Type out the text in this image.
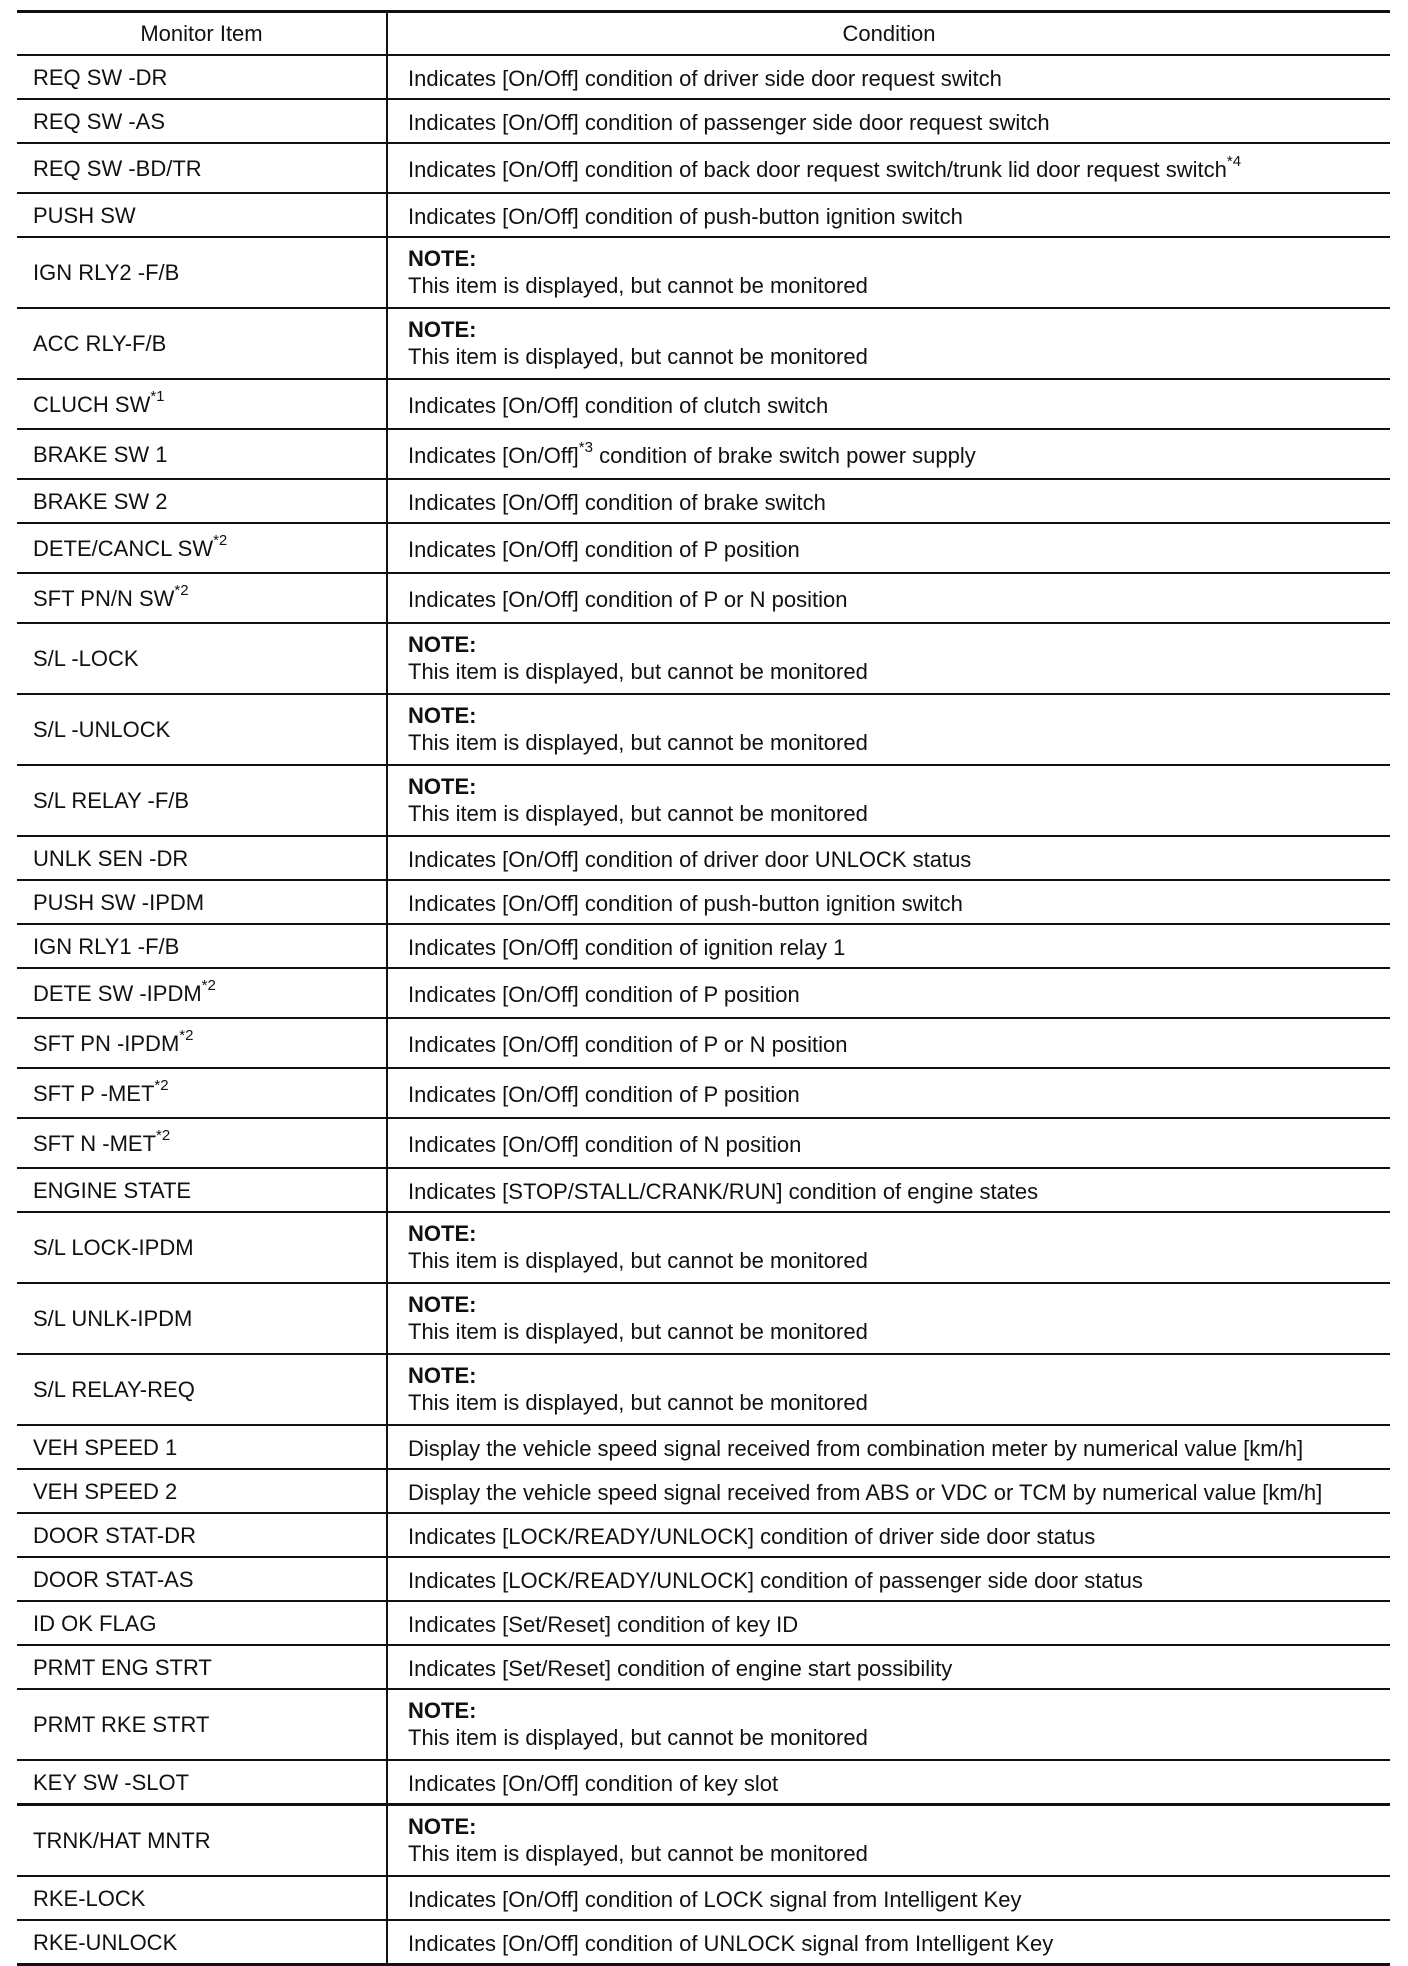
Monitor Item	Condition
REQ SW -DR	Indicates [On/Off] condition of driver side door request switch
REQ SW -AS	Indicates [On/Off] condition of passenger side door request switch
REQ SW -BD/TR	Indicates [On/Off] condition of back door request switch/trunk lid door request switch$^{*4}$
PUSH SW	Indicates [On/Off] condition of push-button ignition switch
IGN RLY2 -F/B	NOTE:
This item is displayed, but cannot be monitored

ACC RLY-F/B	NOTE:
This item is displayed, but cannot be monitored

CLUCH SW$^{*1}$	Indicates [On/Off] condition of clutch switch
BRAKE SW 1	Indicates $[On/Off]^{*3}$ condition of brake switch power supply
BRAKE SW 2	Indicates [On/Off] condition of brake switch
DETE/CANCL SW$^{*2}$	Indicates [On/Off] condition of P position
SFT PN/N SW$^{*2}$	Indicates [On/Off] condition of P or N position
S/L -LOCK	NOTE:
This item is displayed, but cannot be monitored

S/L -UNLOCK	NOTE:
This item is displayed, but cannot be monitored

S/L RELAY -F/B	NOTE:
This item is displayed, but cannot be monitored

UNLK SEN -DR	Indicates [On/Off] condition of driver door UNLOCK status
PUSH SW -IPDM	Indicates [On/Off] condition of push-button ignition switch
IGN RLY1 -F/B	Indicates [On/Off] condition of ignition relay 1
DETE SW -IPDM$^{*2}$	Indicates [On/Off] condition of P position
SFT PN -IPDM$^{*2}$	Indicates [On/Off] condition of P or N position
SFT P -MET$^{*2}$	Indicates [On/Off] condition of P position
SFT N -MET$^{*2}$	Indicates [On/Off] condition of N position
ENGINE STATE	Indicates [STOP/STALL/CRANK/RUN] condition of engine states
S/L LOCK-IPDM	NOTE:
This item is displayed, but cannot be monitored

S/L UNLK-IPDM	NOTE:
This item is displayed, but cannot be monitored

S/L RELAY-REQ	NOTE:
This item is displayed, but cannot be monitored

VEH SPEED 1	Display the vehicle speed signal received from combination meter by numerical value [km/h]
VEH SPEED 2	Display the vehicle speed signal received from ABS or VDC or TCM by numerical value [km/h]
DOOR STAT-DR	Indicates [LOCK/READY/UNLOCK] condition of driver side door status
DOOR STAT-AS	Indicates [LOCK/READY/UNLOCK] condition of passenger side door status
ID OK FLAG	Indicates [Set/Reset] condition of key ID
PRMT ENG STRT	Indicates [Set/Reset] condition of engine start possibility
PRMT RKE STRT	NOTE:
This item is displayed, but cannot be monitored

KEY SW -SLOT	Indicates [On/Off] condition of key slot
TRNK/HAT MNTR	NOTE:
This item is displayed, but cannot be monitored

RKE-LOCK	Indicates [On/Off] condition of LOCK signal from Intelligent Key
RKE-UNLOCK	Indicates [On/Off] condition of UNLOCK signal from Intelligent Key
